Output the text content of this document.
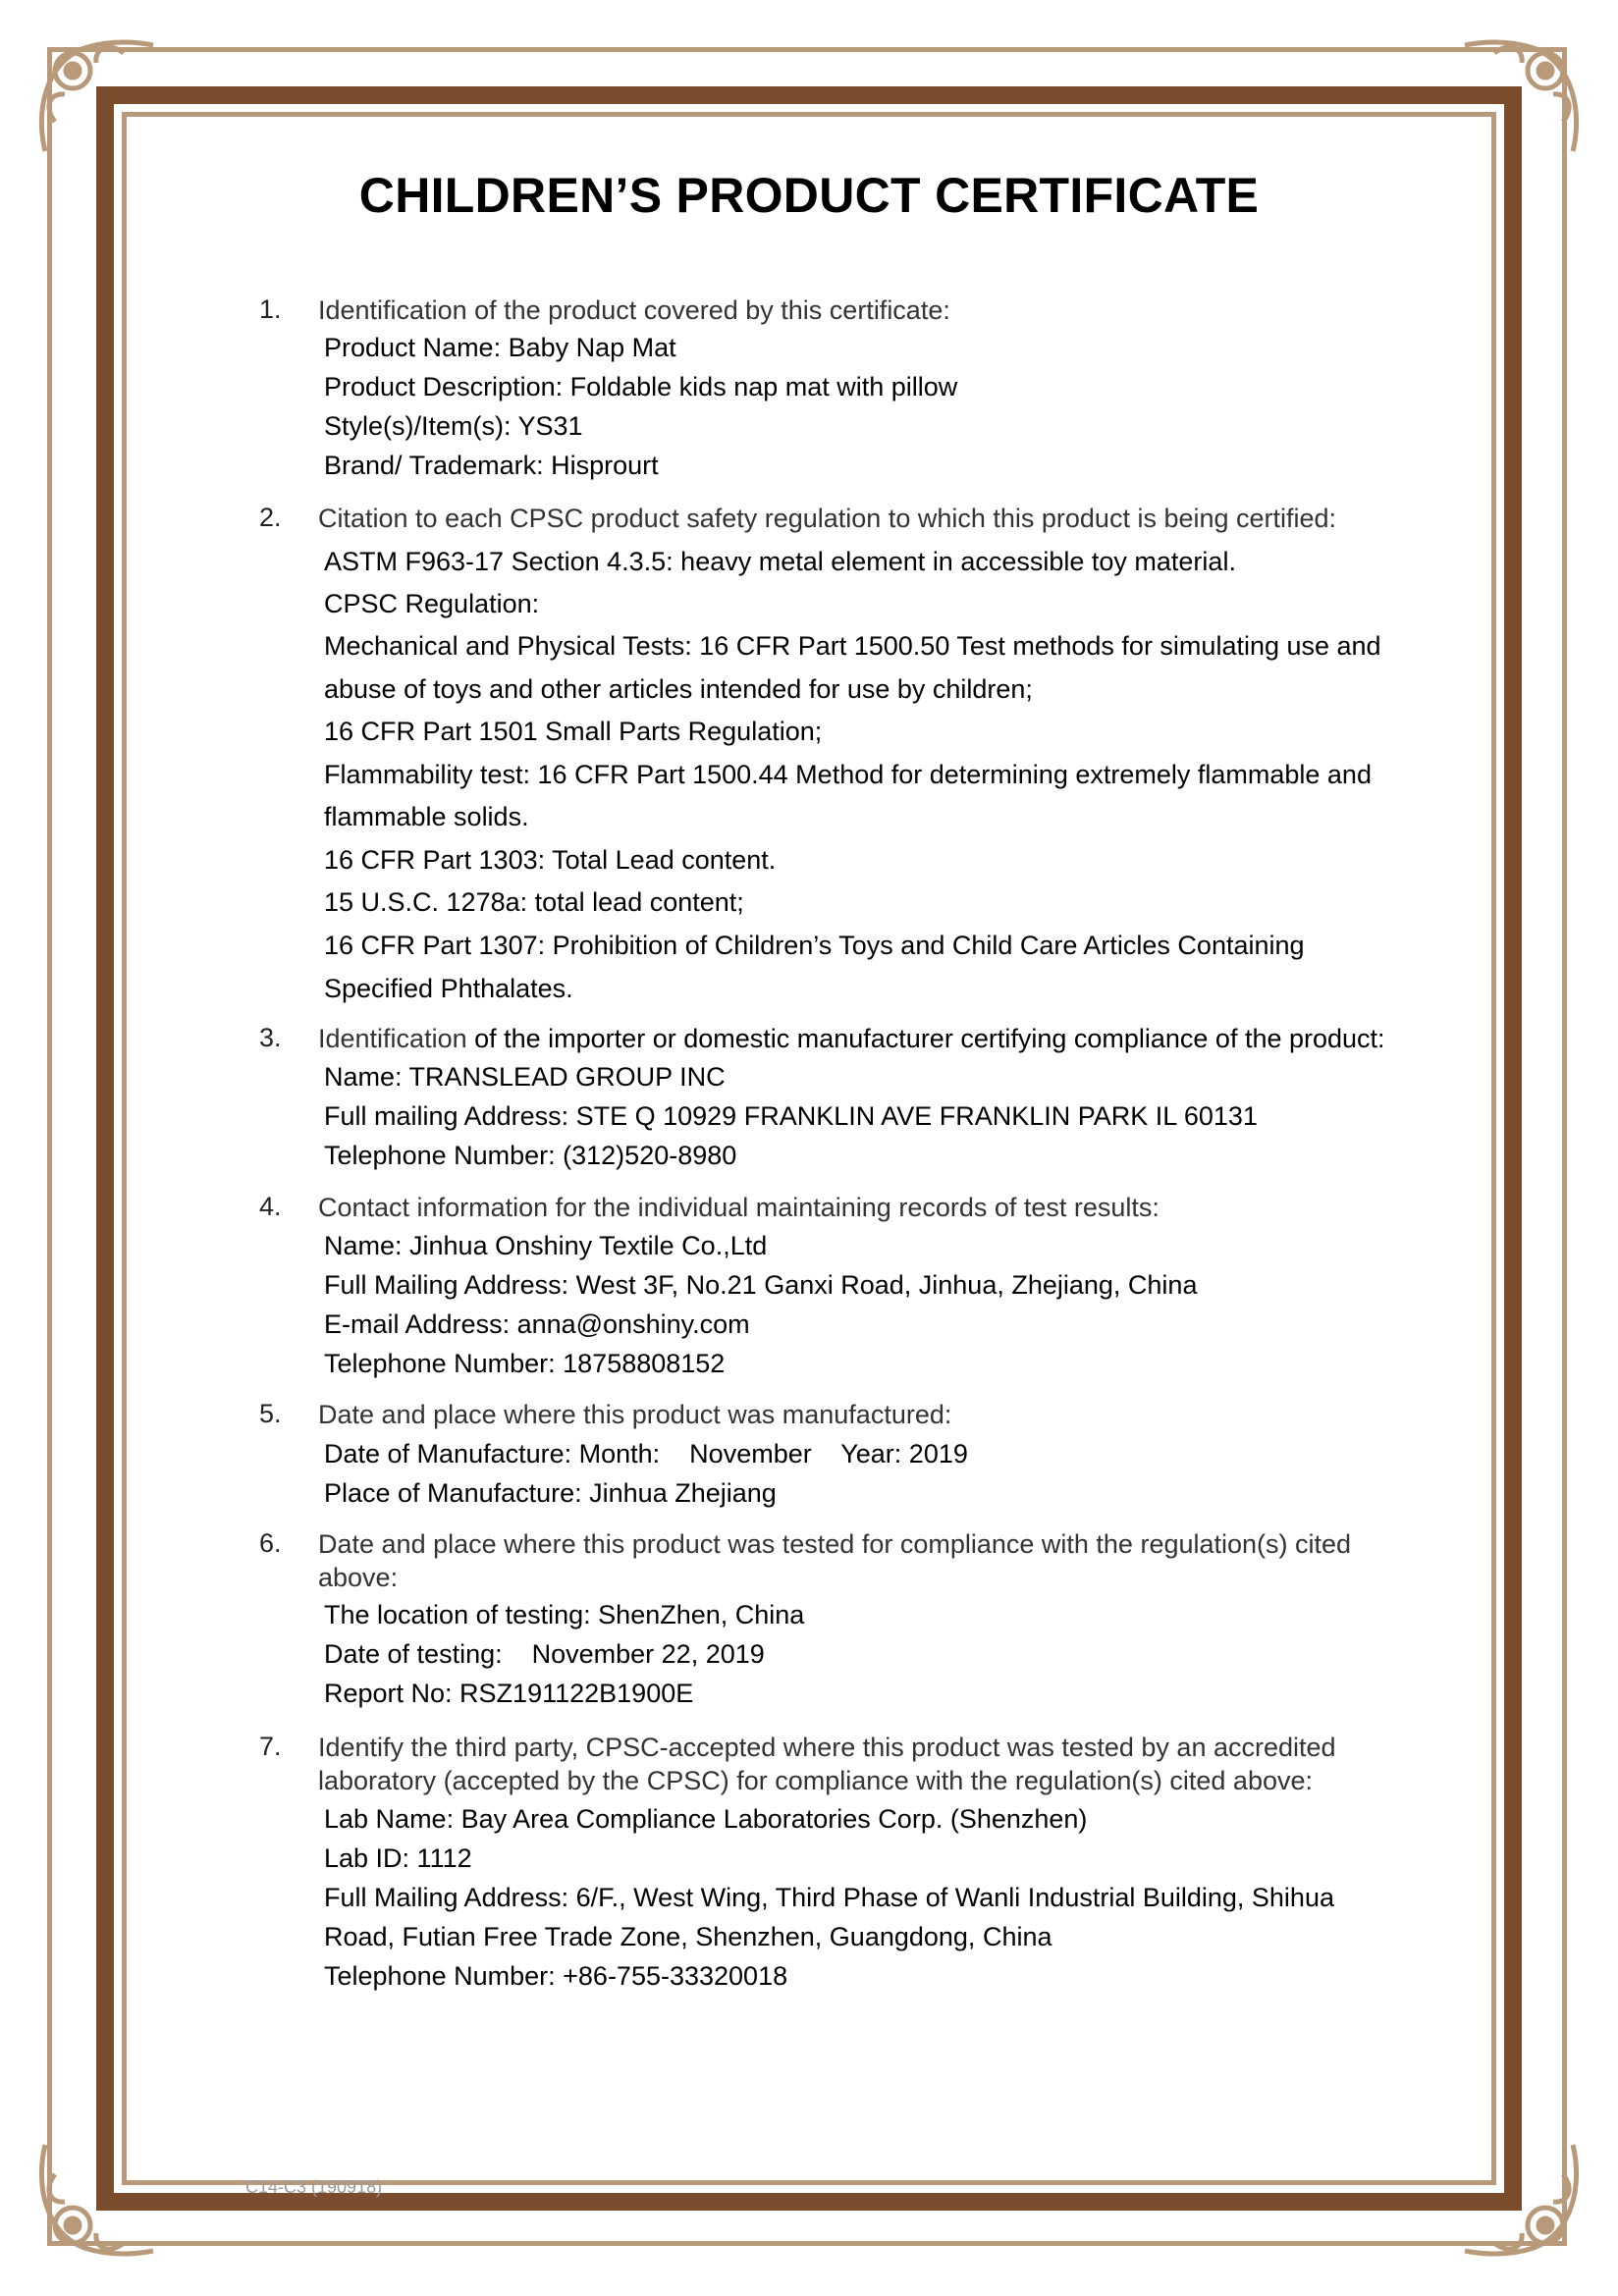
CHILDREN’S PRODUCT CERTIFICATE
1. Identification of the product covered by this certificate:
Product Name: Baby Nap Mat
Product Description: Foldable kids nap mat with pillow
Style(s)/Item(s): YS31
Brand/ Trademark: Hisprourt
2. Citation to each CPSC product safety regulation to which this product is being certified:
ASTM F963-17 Section 4.3.5: heavy metal element in accessible toy material.
CPSC Regulation:
Mechanical and Physical Tests: 16 CFR Part 1500.50 Test methods for simulating use and
abuse of toys and other articles intended for use by children;
16 CFR Part 1501 Small Parts Regulation;
Flammability test: 16 CFR Part 1500.44 Method for determining extremely flammable and
flammable solids.
16 CFR Part 1303: Total Lead content.
15 U.S.C. 1278a: total lead content;
16 CFR Part 1307: Prohibition of Children’s Toys and Child Care Articles Containing
Specified Phthalates.
3. Identification of the importer or domestic manufacturer certifying compliance of the product:
Name: TRANSLEAD GROUP INC
Full mailing Address: STE Q 10929 FRANKLIN AVE FRANKLIN PARK IL 60131
Telephone Number: (312)520-8980
4. Contact information for the individual maintaining records of test results:
Name: Jinhua Onshiny Textile Co.,Ltd
Full Mailing Address: West 3F, No.21 Ganxi Road, Jinhua, Zhejiang, China
E-mail Address: anna@onshiny.com
Telephone Number: 18758808152
5. Date and place where this product was manufactured:
Date of Manufacture: Month:    November    Year: 2019
Place of Manufacture: Jinhua Zhejiang
6. Date and place where this product was tested for compliance with the regulation(s) cited above:
The location of testing: ShenZhen, China
Date of testing:    November 22, 2019
Report No: RSZ191122B1900E
7. Identify the third party, CPSC-accepted where this product was tested by an accredited laboratory (accepted by the CPSC) for compliance with the regulation(s) cited above:
Lab Name: Bay Area Compliance Laboratories Corp. (Shenzhen)
Lab ID: 1112
Full Mailing Address: 6/F., West Wing, Third Phase of Wanli Industrial Building, Shihua
Road, Futian Free Trade Zone, Shenzhen, Guangdong, China
Telephone Number: +86-755-33320018
C14-C3 (190918)
